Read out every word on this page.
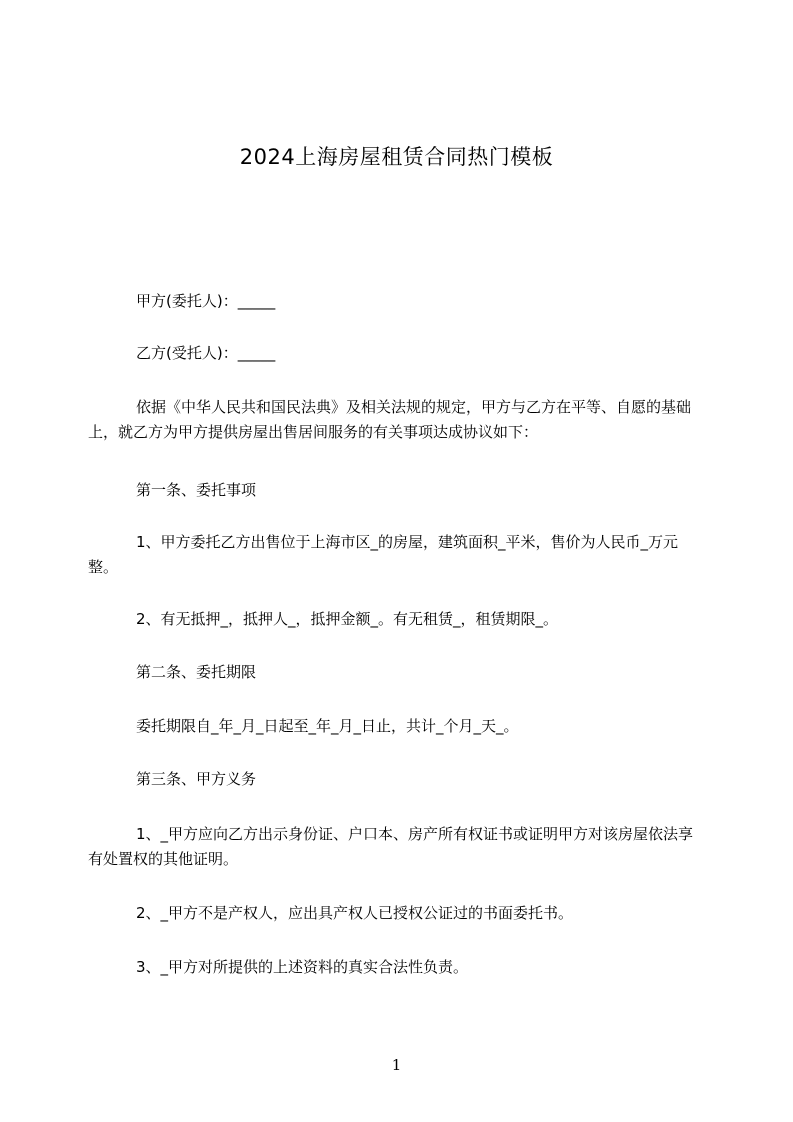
2024上海房屋租赁合同热门模板

甲方(委托人)：_____

乙方(受托人)：_____

依据《中华人民共和国民法典》及相关法规的规定，甲方与乙方在平等、自愿的基础上，就乙方为甲方提供房屋出售居间服务的有关事项达成协议如下：

第一条、委托事项

1、甲方委托乙方出售位于上海市区_的房屋，建筑面积_平米，售价为人民币_万元整。

2、有无抵押_，抵押人_，抵押金额_。有无租赁_，租赁期限_。

第二条、委托期限

委托期限自_年_月_日起至_年_月_日止，共计_个月_天_。

第三条、甲方义务

1、_甲方应向乙方出示身份证、户口本、房产所有权证书或证明甲方对该房屋依法享有处置权的其他证明。

2、_甲方不是产权人，应出具产权人已授权公证过的书面委托书。

3、_甲方对所提供的上述资料的真实合法性负责。

1
